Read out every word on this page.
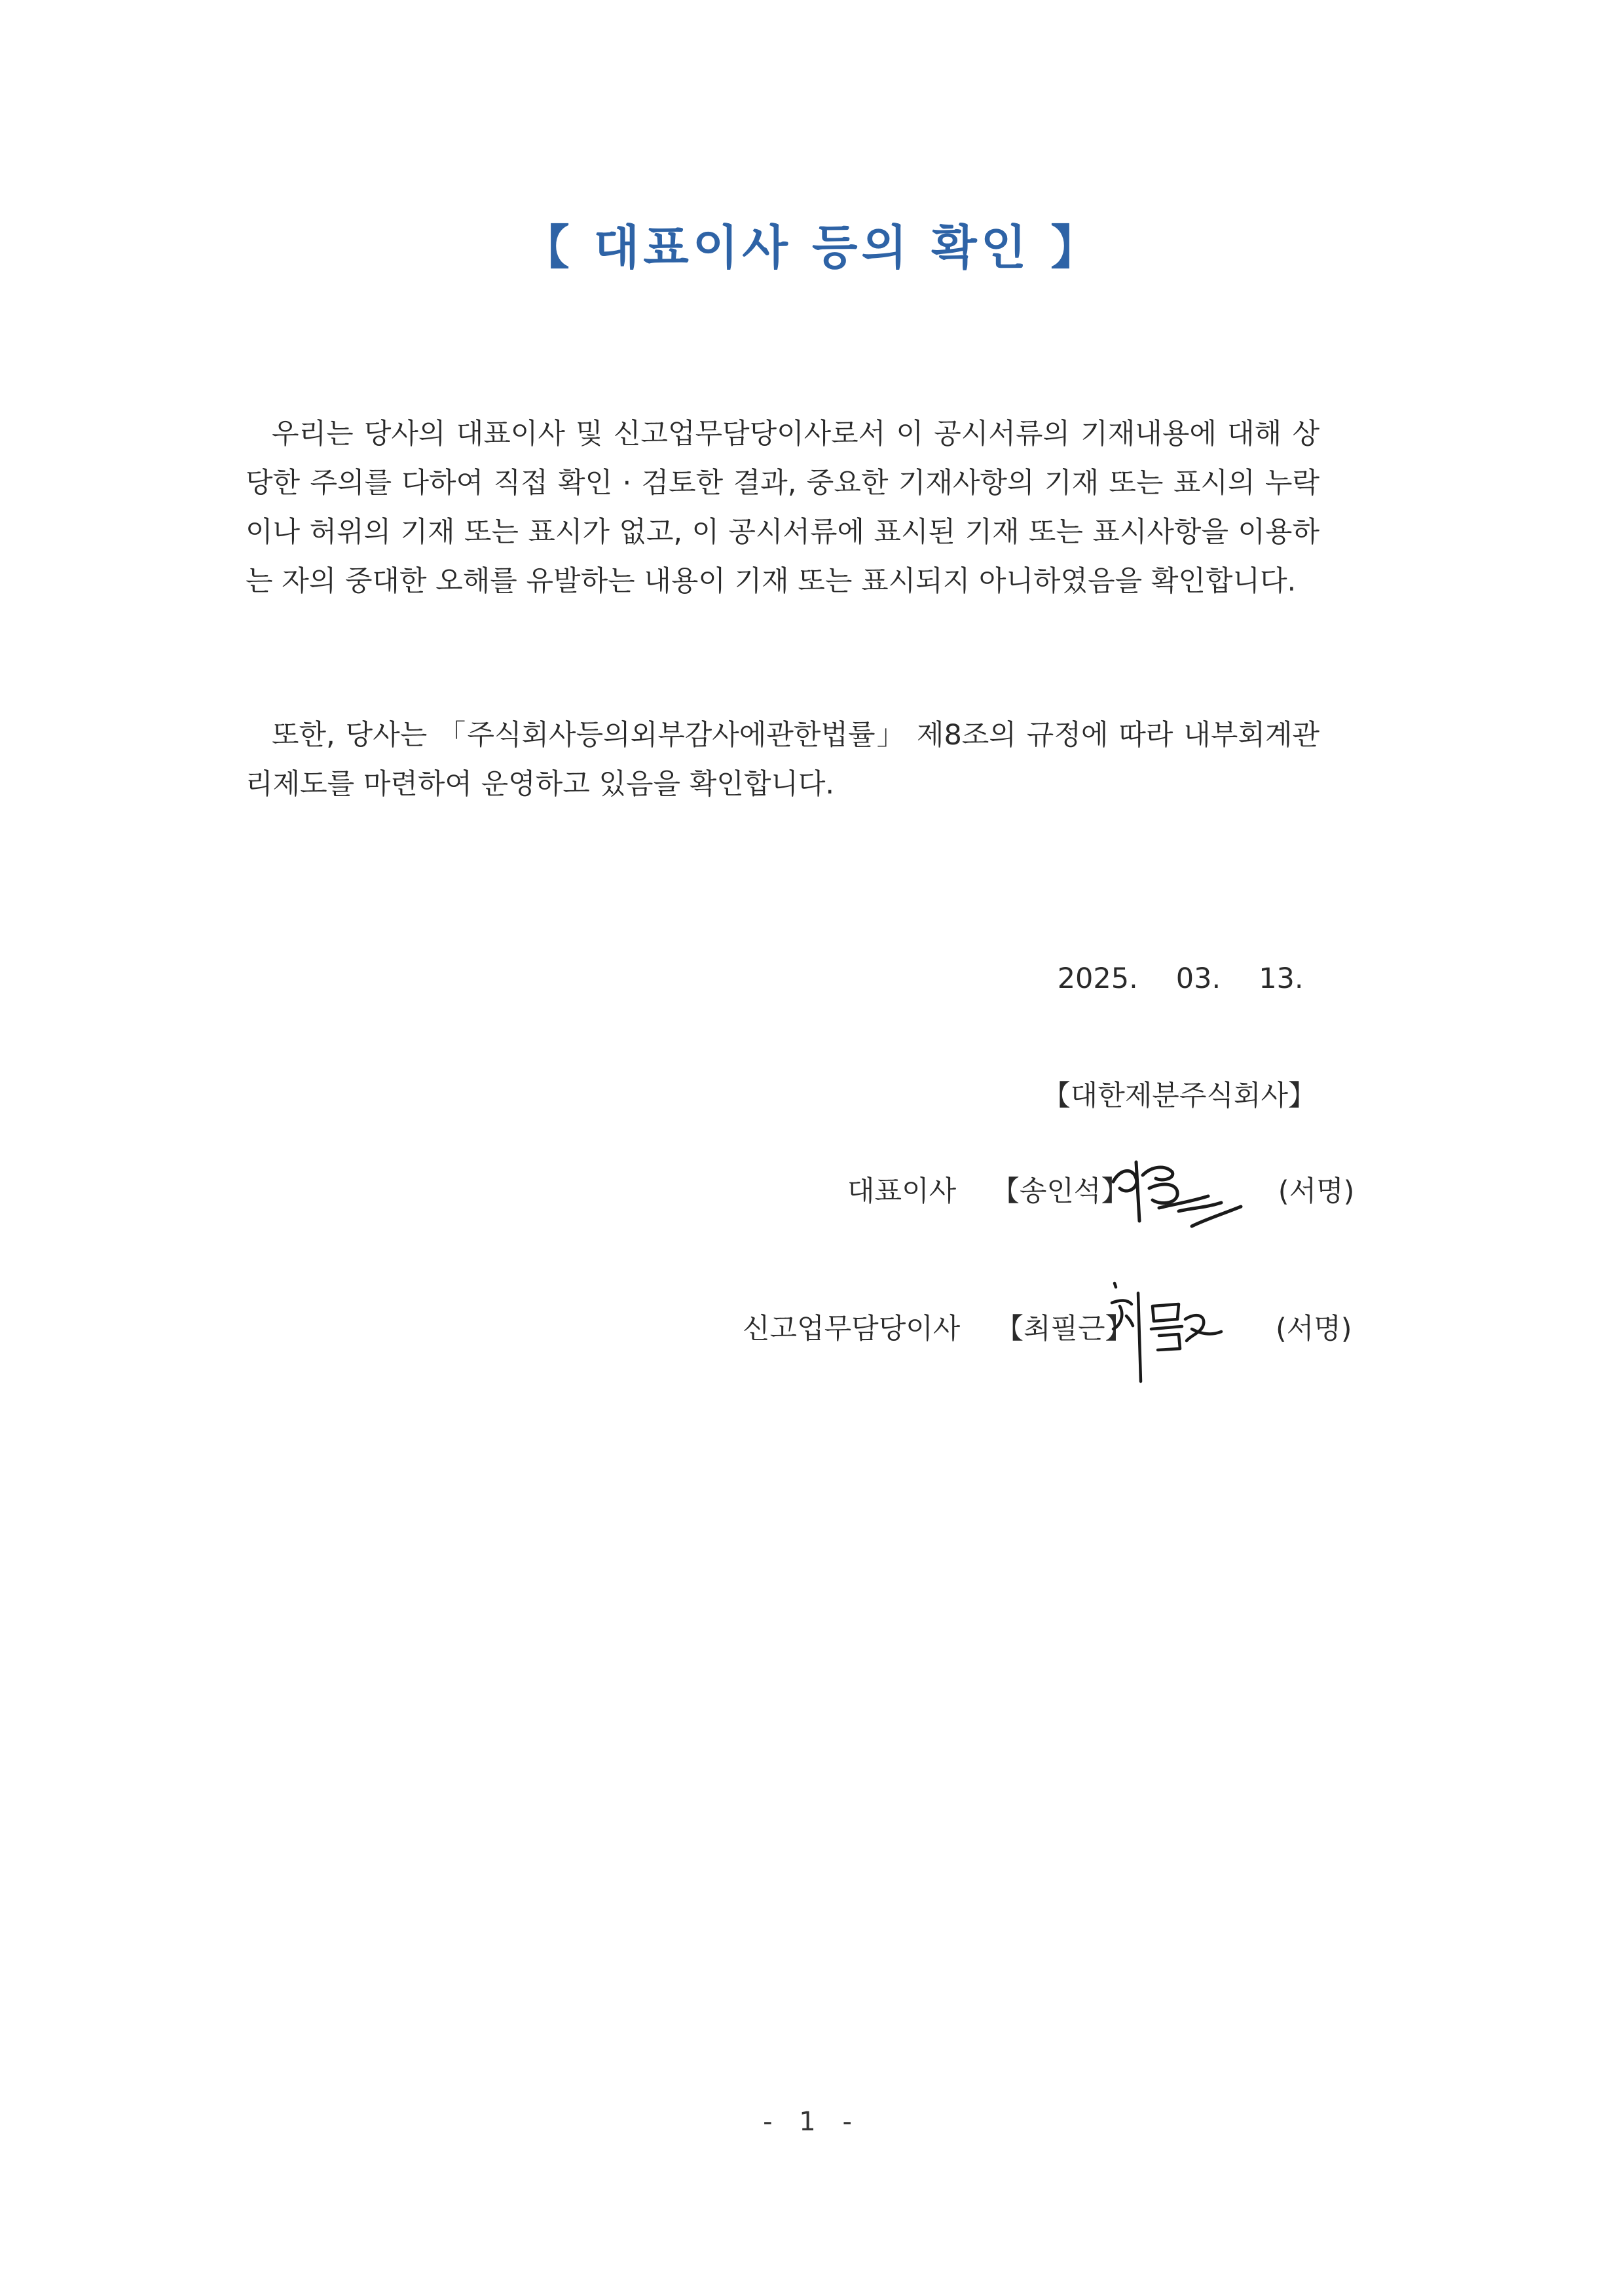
【 대표이사 등의 확인 】
우리는 당사의 대표이사 및 신고업무담당이사로서 이 공시서류의 기재내용에 대해 상당한 주의를 다하여 직접 확인 · 검토한 결과, 중요한 기재사항의 기재 또는 표시의 누락이나 허위의 기재 또는 표시가 없고, 이 공시서류에 표시된 기재 또는 표시사항을 이용하는 자의 중대한 오해를 유발하는 내용이 기재 또는 표시되지 아니하였음을 확인합니다.
또한, 당사는 「주식회사등의외부감사에관한법률」 제8조의 규정에 따라 내부회계관리제도를 마련하여 운영하고 있음을 확인합니다.

2025. 03. 13.

【대한제분주식회사】
대표이사 【송인석】	(서명)
신고업무담당이사 【최필근】	(서명)
- 1 -
